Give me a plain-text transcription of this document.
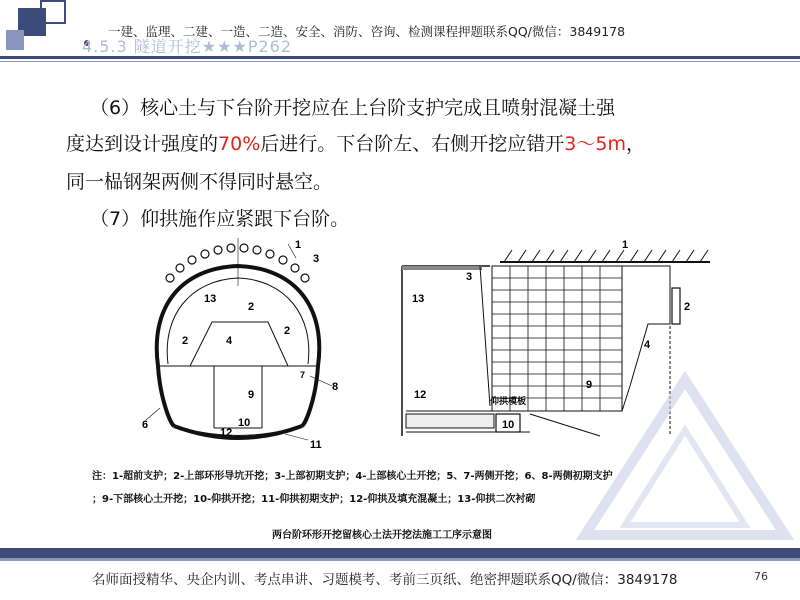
4.5.3 隧道开挖★★★P262
一建、监理、二建、一造、二造、安全、消防、咨询、检测课程押题联系QQ/微信：3849178
（6）核心土与下台阶开挖应在上台阶支护完成且喷射混凝土强
度达到设计强度的70%后进行。下台阶左、右侧开挖应错开3～5m，
同一榀钢架两侧不得同时悬空。
（7）仰拱施作应紧跟下台阶。
1
3
13
2
2
2
4
7
9
8
6	10
12
11
1
3
13
2
4
9
12
10
仰拱模板
注：1-超前支护；2-上部环形导坑开挖；3-上部初期支护；4-上部核心土开挖；5、7-两侧开挖；6、8-两侧初期支护
；9-下部核心土开挖；10-仰拱开挖；11-仰拱初期支护；12-仰拱及填充混凝土；13-仰拱二次衬砌
两台阶环形开挖留核心土法开挖法施工工序示意图
名师面授精华、央企内训、考点串讲、习题模考、考前三页纸、绝密押题联系QQ/微信：3849178	76
